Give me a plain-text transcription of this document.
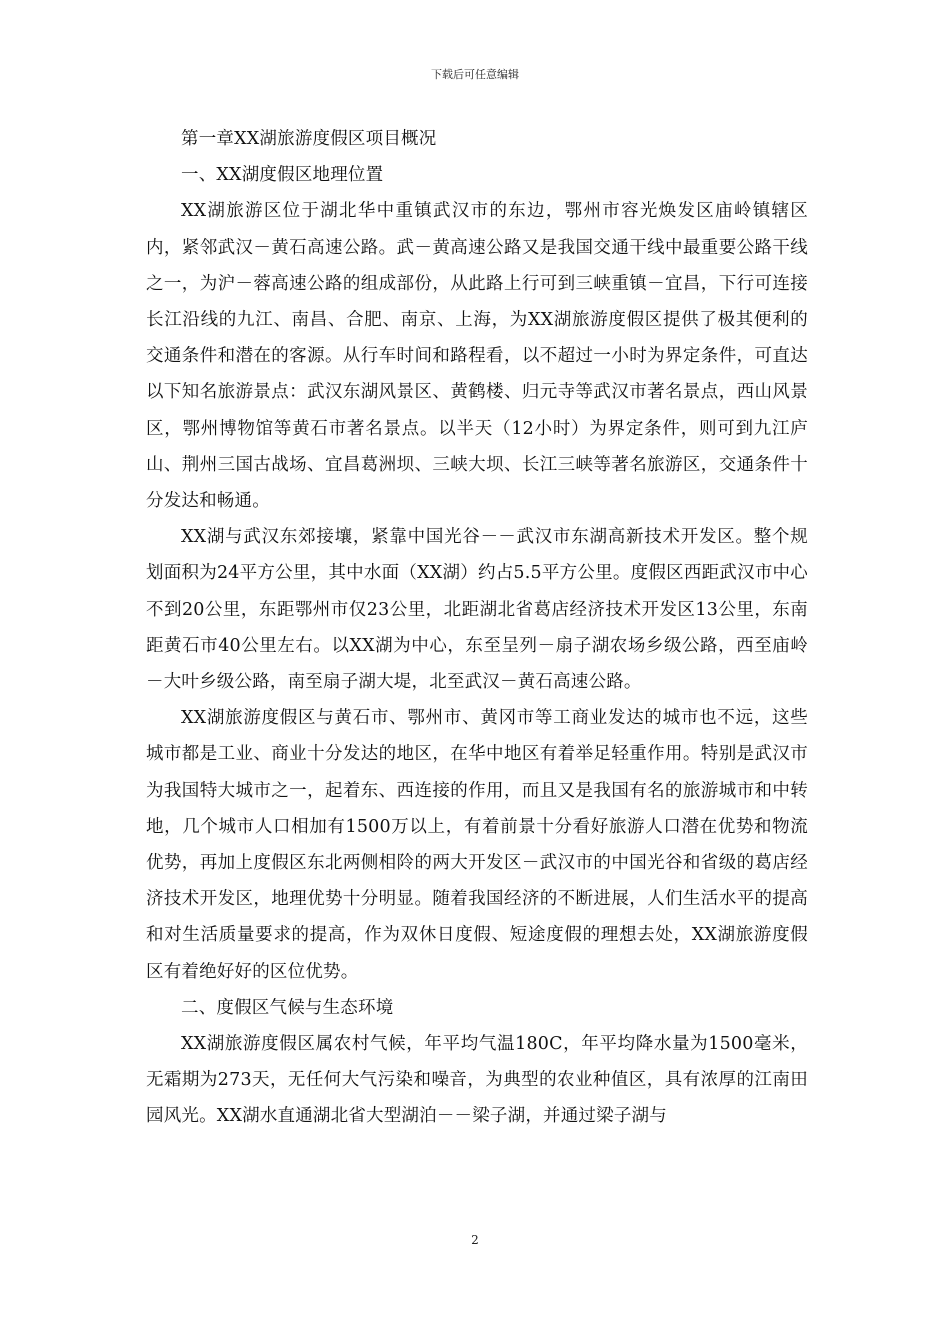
下载后可任意编辑

第一章XX湖旅游度假区项目概况

一、XX湖度假区地理位置

XX湖旅游区位于湖北华中重镇武汉市的东边，鄂州市容光焕发区庙岭镇辖区内，紧邻武汉－黄石高速公路。武－黄高速公路又是我国交通干线中最重要公路干线之一，为沪－蓉高速公路的组成部份，从此路上行可到三峡重镇－宜昌，下行可连接长江沿线的九江、南昌、合肥、南京、上海，为XX湖旅游度假区提供了极其便利的交通条件和潜在的客源。从行车时间和路程看，以不超过一小时为界定条件，可直达以下知名旅游景点：武汉东湖风景区、黄鹤楼、归元寺等武汉市著名景点，西山风景区，鄂州博物馆等黄石市著名景点。以半天（12小时）为界定条件，则可到九江庐山、荆州三国古战场、宜昌葛洲坝、三峡大坝、长江三峡等著名旅游区，交通条件十分发达和畅通。

XX湖与武汉东郊接壤，紧靠中国光谷－－武汉市东湖高新技术开发区。整个规划面积为24平方公里，其中水面（XX湖）约占5.5平方公里。度假区西距武汉市中心不到20公里，东距鄂州市仅23公里，北距湖北省葛店经济技术开发区13公里，东南距黄石市40公里左右。以XX湖为中心，东至呈列－扇子湖农场乡级公路，西至庙岭－大叶乡级公路，南至扇子湖大堤，北至武汉－黄石高速公路。

XX湖旅游度假区与黄石市、鄂州市、黄冈市等工商业发达的城市也不远，这些城市都是工业、商业十分发达的地区，在华中地区有着举足轻重作用。特别是武汉市为我国特大城市之一，起着东、西连接的作用，而且又是我国有名的旅游城市和中转地，几个城市人口相加有1500万以上，有着前景十分看好旅游人口潜在优势和物流优势，再加上度假区东北两侧相阾的两大开发区－武汉市的中国光谷和省级的葛店经济技术开发区，地理优势十分明显。随着我国经济的不断进展，人们生活水平的提高和对生活质量要求的提高，作为双休日度假、短途度假的理想去处，XX湖旅游度假区有着绝好好的区位优势。

二、度假区气候与生态环境

XX湖旅游度假区属农村气候，年平均气温180C，年平均降水量为1500毫米，无霜期为273天，无任何大气污染和噪音，为典型的农业种值区，具有浓厚的江南田园风光。XX湖水直通湖北省大型湖泊－－梁子湖，并通过梁子湖与

2
